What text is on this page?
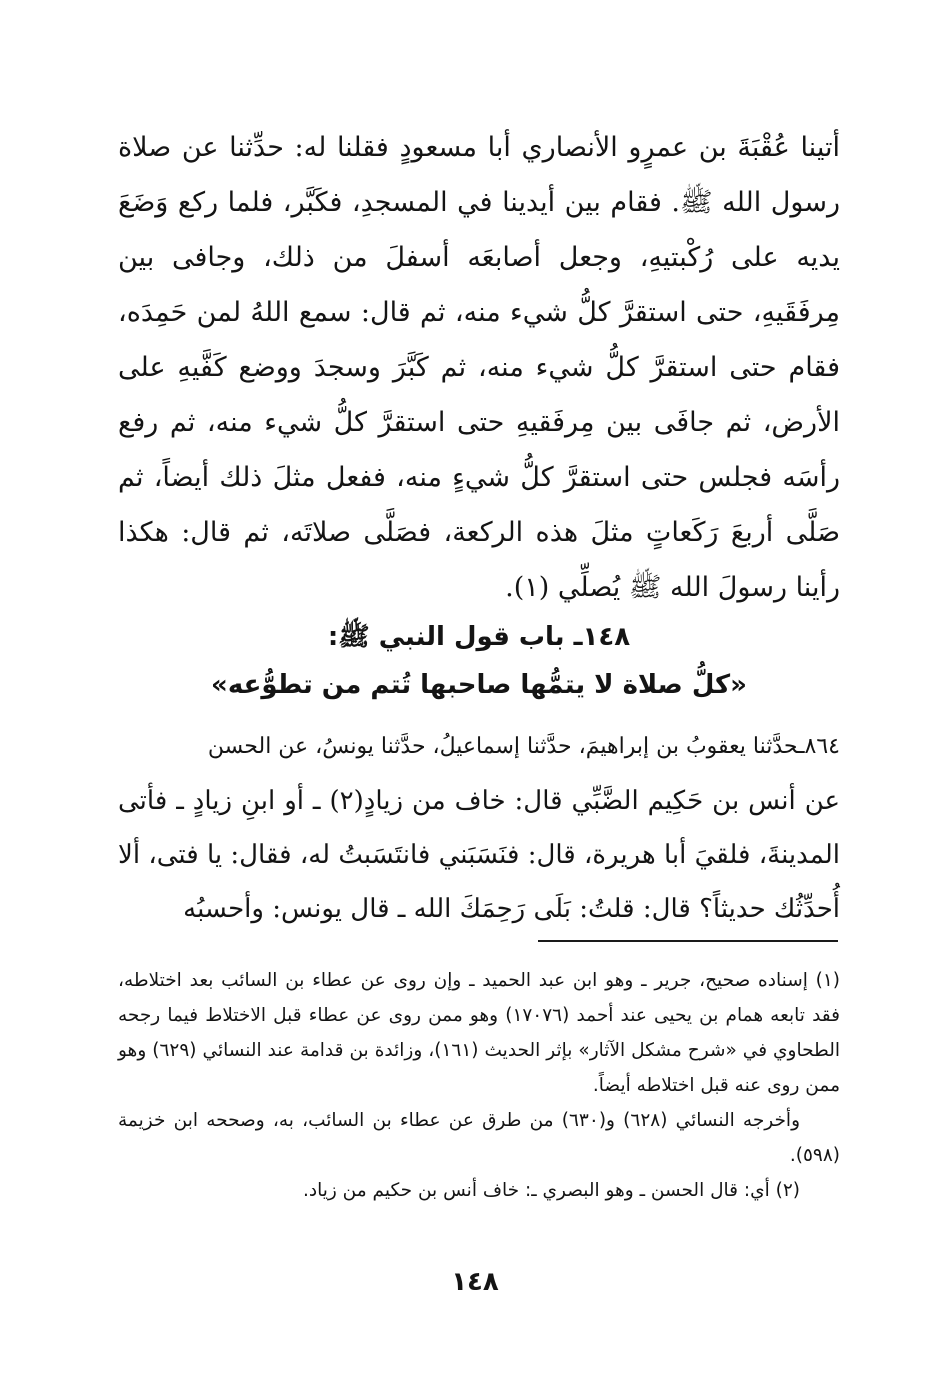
أتينا عُقْبَةَ بن عمرٍو الأنصاري أبا مسعودٍ فقلنا له: حدِّثنا عن صلاة رسول الله ﷺ. فقام بين أيدينا في المسجدِ، فكَبَّر، فلما ركع وَضَعَ يديه على رُكْبتيهِ، وجعل أصابعَه أسفلَ من ذلك، وجافى بين مِرفَقَيهِ، حتى استقرَّ كلُّ شيء منه، ثم قال: سمع اللهُ لمن حَمِدَه، فقام حتى استقرَّ كلُّ شيء منه، ثم كَبَّرَ وسجدَ ووضع كَفَّيهِ على الأرض، ثم جافَى بين مِرفَقيهِ حتى استقرَّ كلُّ شيء منه، ثم رفع رأسَه فجلس حتى استقرَّ كلُّ شيءٍ منه، ففعل مثلَ ذلك أيضاً، ثم صَلَّى أربعَ رَكَعاتٍ مثلَ هذه الركعة، فصَلَّى صلاتَه، ثم قال: هكذا رأينا رسولَ الله ﷺ يُصلِّي (١).

١٤٨ـ باب قول النبي ﷺ:
«كلُّ صلاة لا يتمُّها صاحبها تُتم من تطوُّعه»

٨٦٤ـحدَّثنا يعقوبُ بن إبراهيمَ، حدَّثنا إسماعيلُ، حدَّثنا يونسُ، عن الحسن

عن أنس بن حَكِيم الضَّبِّي قال: خاف من زيادٍ(٢) ـ أو ابنِ زيادٍ ـ فأتى المدينةَ، فلقيَ أبا هريرة، قال: فنَسَبَني فانتَسَبتُ له، فقال: يا فتى، ألا أُحدِّثُك حديثاً؟ قال: قلتُ: بَلَى رَحِمَكَ الله ـ قال يونس: وأحسبُه

(١) إسناده صحيح، جرير ـ وهو ابن عبد الحميد ـ وإن روى عن عطاء بن السائب بعد اختلاطه، فقد تابعه همام بن يحيى عند أحمد (١٧٠٧٦) وهو ممن روى عن عطاء قبل الاختلاط فيما رجحه الطحاوي في «شرح مشكل الآثار» بإثر الحديث (١٦١)، وزائدة بن قدامة عند النسائي (٦٢٩) وهو ممن روى عنه قبل اختلاطه أيضاً.

وأخرجه النسائي (٦٢٨) و(٦٣٠) من طرق عن عطاء بن السائب، به، وصححه ابن خزيمة (٥٩٨).

(٢) أي: قال الحسن ـ وهو البصري ـ: خاف أنس بن حكيم من زياد.

١٤٨
